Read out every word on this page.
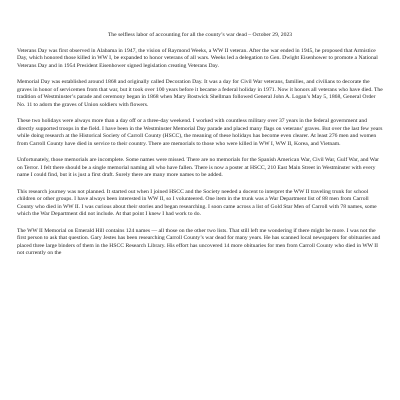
The selfless labor of accounting for all the county’s war dead – October 29, 2023

Veterans Day was first observed in Alabama in 1947, the vision of Raymond Weeks, a WW II veteran. After the war ended in 1945, he proposed that Armistice Day, which honored those killed in WW I, be expanded to honor veterans of all wars. Weeks led a delegation to Gen. Dwight Eisenhower to promote a National Veterans Day and in 1954 President Eisenhower signed legislation creating Veterans Day.

Memorial Day was established around 1868 and originally called Decoration Day. It was a day for Civil War veterans, families, and civilians to decorate the graves in honor of servicemen from that war, but it took over 100 years before it became a federal holiday in 1971. Now it honors all veterans who have died. The tradition of Westminster’s parade and ceremony began in 1868 when Mary Bostwick Shellman followed General John A. Logan’s May 5, 1868, General Order No. 11 to adorn the graves of Union soldiers with flowers.

These two holidays were always more than a day off or a three-day weekend. I worked with countless military over 37 years in the federal government and directly supported troops in the field. I have been in the Westminster Memorial Day parade and placed many flags on veterans’ graves. But over the last few years while doing research at the Historical Society of Carroll County (HSCC), the meaning of these holidays has become even clearer. At least 276 men and women from Carroll County have died in service to their country. There are memorials to those who were killed in WW I, WW II, Korea, and Vietnam.

Unfortunately, those memorials are incomplete. Some names were missed. There are no memorials for the Spanish American War, Civil War, Gulf War, and War on Terror. I felt there should be a single memorial naming all who have fallen. There is now a poster at HSCC, 210 East Main Street in Westminster with every name I could find, but it is just a first draft. Surely there are many more names to be added.

This research journey was not planned. It started out when I joined HSCC and the Society needed a docent to interpret the WW II traveling trunk for school children or other groups. I have always been interested in WW II, so I volunteered. One item in the trunk was a War Department list of 88 men from Carroll County who died in WW II. I was curious about their stories and began researching. I soon came across a list of Gold Star Men of Carroll with 78 names, some which the War Department did not include. At that point I knew I had work to do.

The WW II Memorial on Emerald Hill contains 124 names — all those on the other two lists. That still left me wondering if there might be more. I was not the first person to ask that question. Gary Jestes has been researching Carroll County’s war dead for many years. He has scanned local newspapers for obituaries and placed three large binders of them in the HSCC Research Library. His effort has uncovered 14 more obituaries for men from Carroll County who died in WW II not currently on the
